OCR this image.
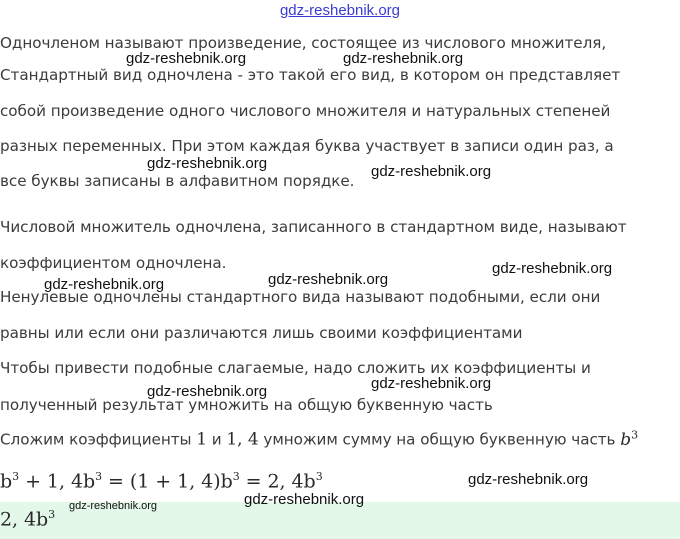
gdz-reshebnik.org
Одночленом называют произведение, состоящее из числового множителя,
Стандартный вид одночлена - это такой его вид, в котором он представляет
собой произведение одного числового множителя и натуральных степеней
разных переменных. При этом каждая буква участвует в записи один раз, а
все буквы записаны в алфавитном порядке.
Числовой множитель одночлена, записанного в стандартном виде, называют
коэффициентом одночлена.
Ненулевые одночлены стандартного вида называют подобными, если они
равны или если они различаются лишь своими коэффициентами
Чтобы привести подобные слагаемые, надо сложить их коэффициенты и
полученный результат умножить на общую буквенную часть
Сложим коэффициенты 1 и 1, 4 умножим сумму на общую буквенную часть $b^3$
$b^3 + 1$, $4b^3 = (1 + 1$, $4)b^3 = 2$, $4b^3$
2, $4b^3$
gdz-reshebnik.org	gdz-reshebnik.org
gdz-reshebnik.org	gdz-reshebnik.org
gdz-reshebnik.org
gdz-reshebnik.org
gdz-reshebnik.org
gdz-reshebnik.org
gdz-reshebnik.org
gdz-reshebnik.org
gdz-reshebnik.org
gdz-reshebnik.org
